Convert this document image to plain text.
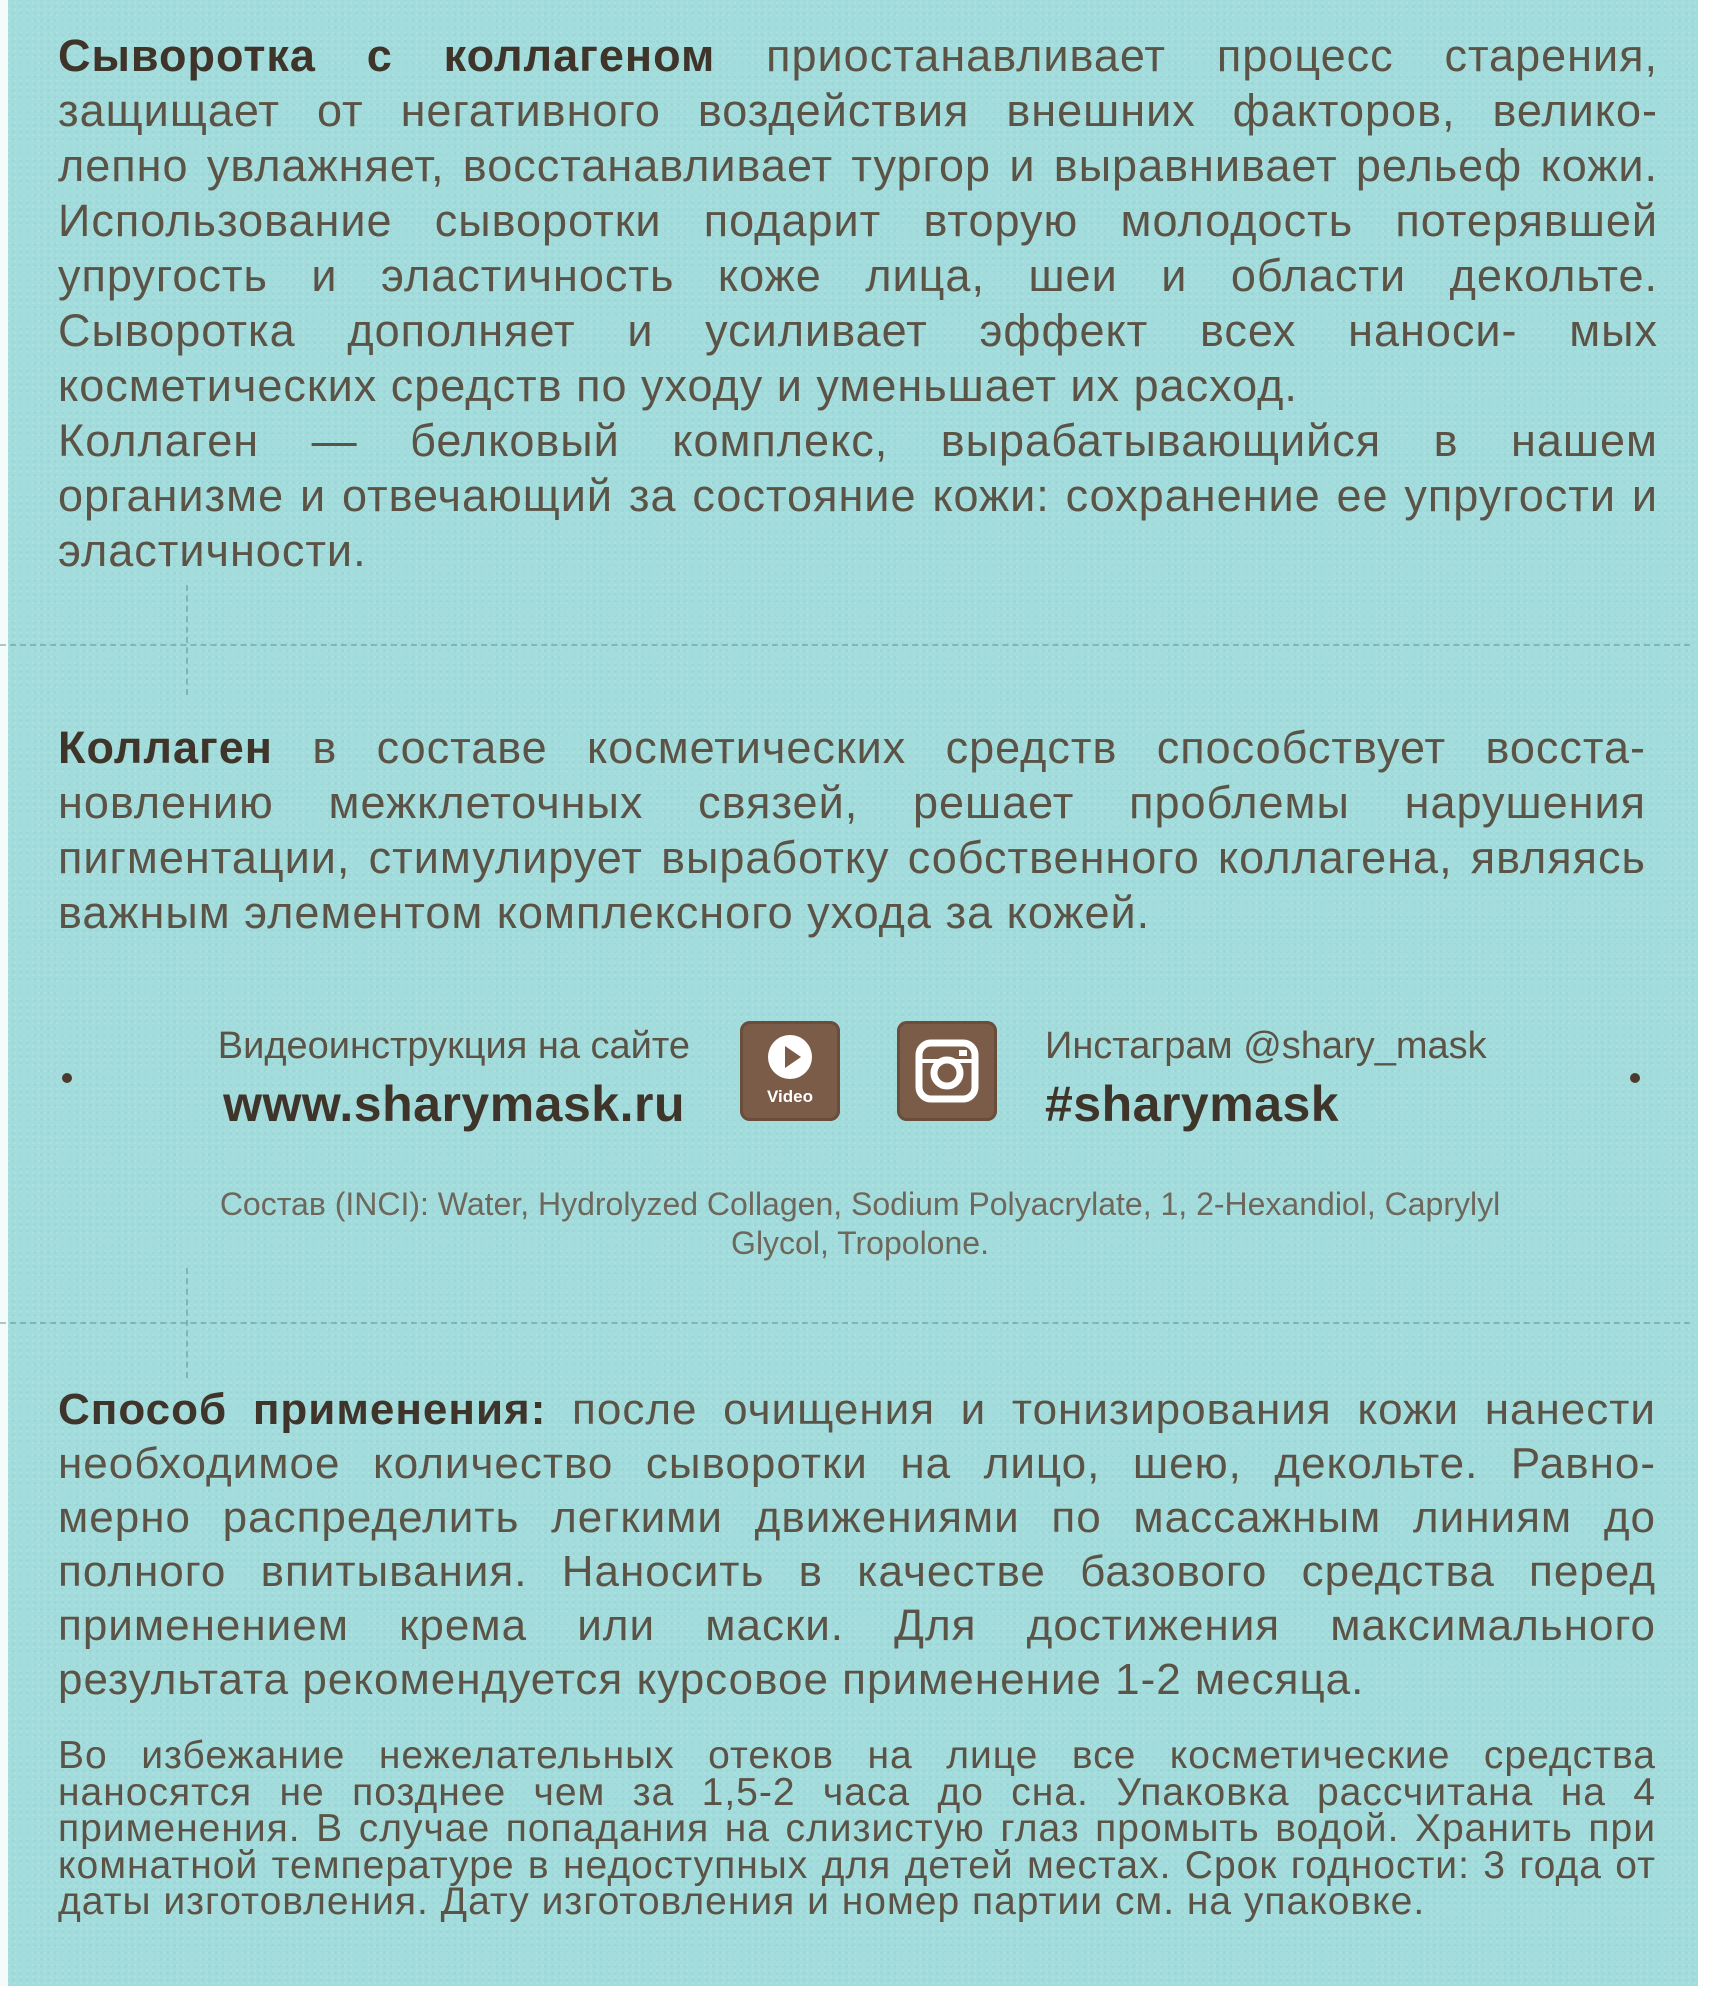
Сыворотка с коллагеном приостанавливает процесс старения, защищает от негативного воздействия внешних факторов, велико- лепно увлажняет, восстанавливает тургор и выравнивает рельеф кожи. Использование сыворотки подарит вторую молодость потерявшей упругость и эластичность коже лица, шеи и области декольте. Сыворотка дополняет и усиливает эффект всех наноси- мых косметических средств по уходу и уменьшает их расход.
Коллаген — белковый комплекс, вырабатывающийся в нашем организме и отвечающий за состояние кожи: сохранение ее упругости и эластичности.
Коллаген в составе косметических средств способствует восста- новлению межклеточных связей, решает проблемы нарушения пигментации, стимулирует выработку собственного коллагена, являясь важным элементом комплексного ухода за кожей.
Видеоинструкция на сайте
www.sharymask.ru	Video
Инстаграм @shary_mask
#sharymask
Состав (INCI): Water, Hydrolyzed Collagen, Sodium Polyacrylate, 1, 2-Hexandiol, Caprylyl
Glycol, Tropolone.
Способ применения: после очищения и тонизирования кожи нанести необходимое количество сыворотки на лицо, шею, декольте. Равно- мерно распределить легкими движениями по массажным линиям до полного впитывания. Наносить в качестве базового средства перед применением крема или маски. Для достижения максимального результата рекомендуется курсовое применение 1-2 месяца.
Во избежание нежелательных отеков на лице все косметические средства наносятся не позднее чем за 1,5-2 часа до сна. Упаковка рассчитана на 4 применения. В случае попадания на слизистую глаз промыть водой. Хранить при комнатной температуре в недоступных для детей местах. Срок годности: 3 года от даты изготовления. Дату изготовления и номер партии см. на упаковке.
